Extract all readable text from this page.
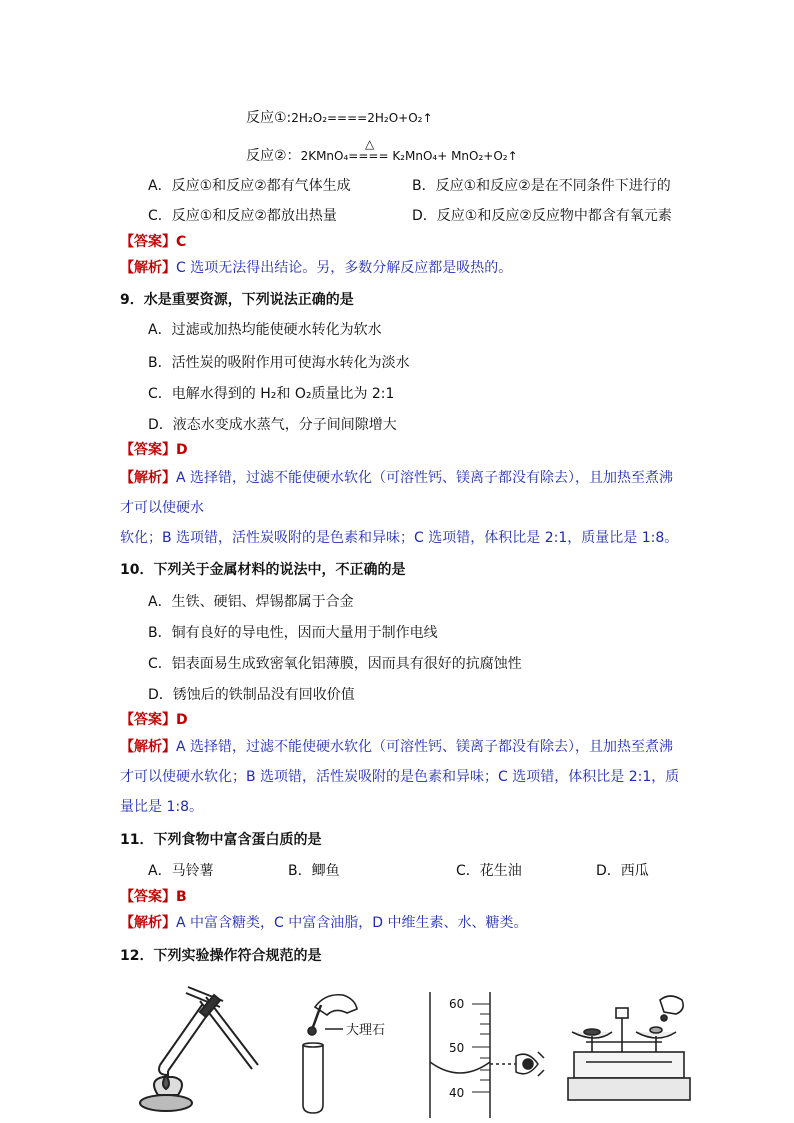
反应①:2H₂O₂====2H₂O+O₂↑
△
反应②：2KMnO₄==== K₂MnO₄+ MnO₂+O₂↑
A．反应①和反应②都有气体生成	B．反应①和反应②是在不同条件下进行的
C．反应①和反应②都放出热量	D．反应①和反应②反应物中都含有氧元素
【答案】C
【解析】C 选项无法得出结论。另，多数分解反应都是吸热的。
9．水是重要资源，下列说法正确的是
A．过滤或加热均能使硬水转化为软水
B．活性炭的吸附作用可使海水转化为淡水
C．电解水得到的 H₂和 O₂质量比为 2:1
D．液态水变成水蒸气，分子间间隙增大
【答案】D
【解析】A 选择错，过滤不能使硬水软化（可溶性钙、镁离子都没有除去），且加热至煮沸
才可以使硬水
软化；B 选项错，活性炭吸附的是色素和异味；C 选项错，体积比是 2:1，质量比是 1:8。
10．下列关于金属材料的说法中，不正确的是
A．生铁、硬铝、焊锡都属于合金
B．铜有良好的导电性，因而大量用于制作电线
C．铝表面易生成致密氧化铝薄膜，因而具有很好的抗腐蚀性
D．锈蚀后的铁制品没有回收价值
【答案】D
【解析】A 选择错，过滤不能使硬水软化（可溶性钙、镁离子都没有除去），且加热至煮沸
才可以使硬水软化；B 选项错，活性炭吸附的是色素和异味；C 选项错，体积比是 2:1，质
量比是 1:8。
11．下列食物中富含蛋白质的是
A．马铃薯	B．鲫鱼	C．花生油	D．西瓜
【答案】B
【解析】A 中富含糖类，C 中富含油脂，D 中维生素、水、糖类。
12．下列实验操作符合规范的是
大理石
60
50
40
